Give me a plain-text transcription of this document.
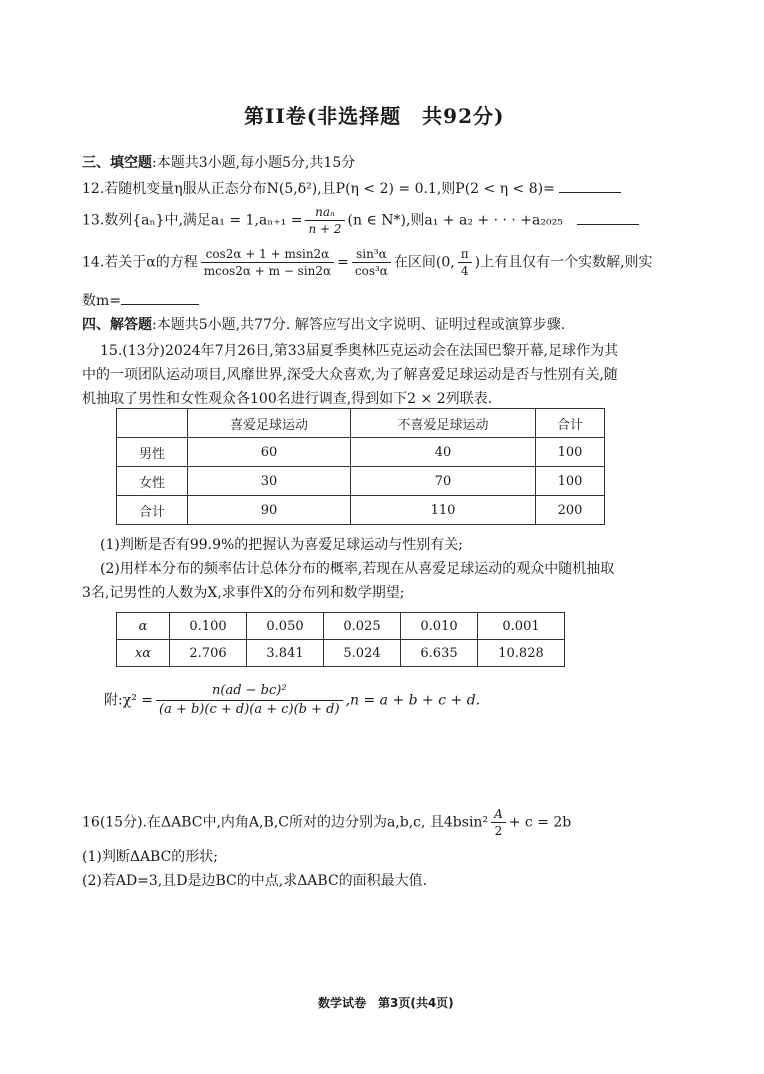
第II卷(非选择题　共92分)
三、填空题:本题共3小题,每小题5分,共15分
12.若随机变量η服从正态分布N(5,δ²),且P(η < 2) = 0.1,则P(2 < η < 8)=
13.数列{aₙ}中,满足$a_1 = 1,a_{n+1} = \frac{\text{naₙ}}{n + 2} (n$ ∈ N*),则a₁ + a₂ + · · · +a₂₀₂₅
14.若关于α的方程 $\frac{\cos 2\alpha + 1 + msin2\alpha}{mcos2\alpha + m - \sin 2\alpha} = \frac{\text{sin³α}}{\text{cos³α}}$ 在区间(0, $\frac{\pi}{4}$ )上有且仅有一个实数解,则实
数m=
四、解答题:本题共5小题,共77分. 解答应写出文字说明、证明过程或演算步骤.
15.(13分)2024年7月26日,第33届夏季奥林匹克运动会在法国巴黎开幕,足球作为其
中的一项团队运动项目,风靡世界,深受大众喜欢,为了解喜爱足球运动是否与性别有关,随
机抽取了男性和女性观众各100名进行调查,得到如下2 × 2列联表.
	喜爱足球运动	不喜爱足球运动	合计
男性	60	40	100
女性	30	70	100
合计	90	110	200
(1)判断是否有99.9%的把握认为喜爱足球运动与性别有关;
(2)用样本分布的频率估计总体分布的概率,若现在从喜爱足球运动的观众中随机抽取
3名,记男性的人数为X,求事件X的分布列和数学期望;
α	0.100	0.050	0.025	0.010	0.001
xα	2.706	3.841	5.024	6.635	10.828
附:χ² = $\frac{\text{n(ad − bc)²}}{(a + b)(c + d)(a + c)(b + d)} ,n = a + b + c + d$.
16(15分).在ΔABC中,内角A,B,C所对的边分别为a,b,c, 且$4bsin^2 \frac{A}{2} + c = 2b$
(1)判断ΔABC的形状;
(2)若AD=3,且D是边BC的中点,求ΔABC的面积最大值.
数学试卷　第3页(共4页)
